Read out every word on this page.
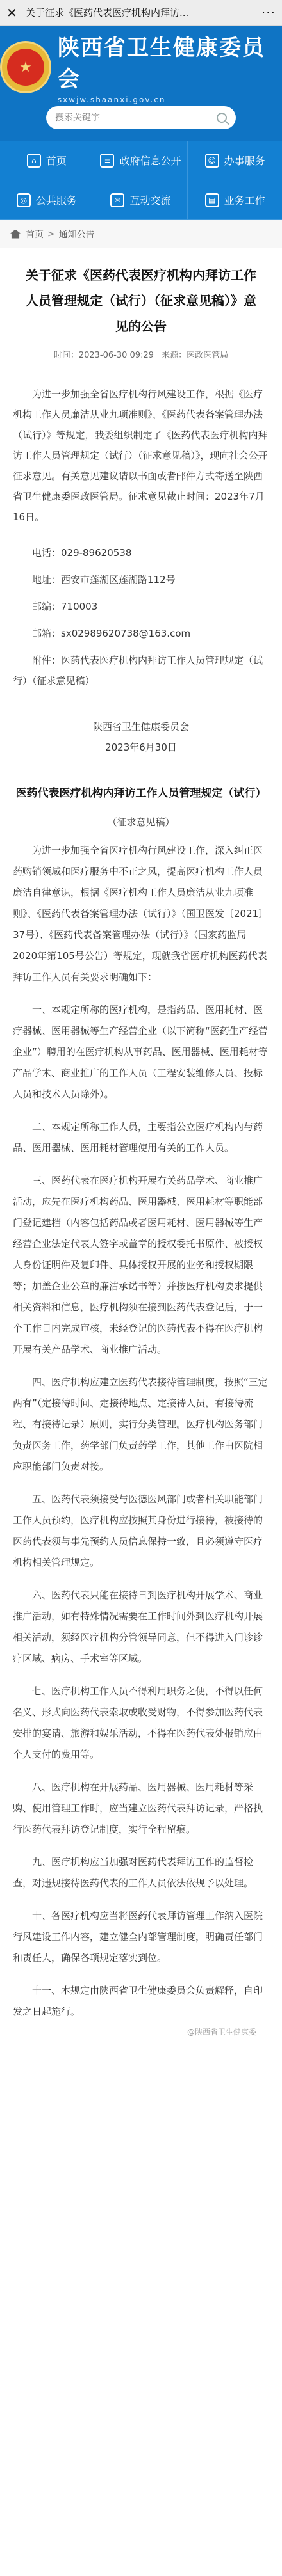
✕ 关于征求《医药代表医疗机构内拜访...	···
★
陕西省卫生健康委员会
sxwjw.shaanxi.gov.cn
搜索关键字
⌂ 首页	≡ 政府信息公开	☺ 办事服务
◎ 公共服务	✉ 互动交流	▤ 业务工作
首页 > 通知公告
关于征求《医药代表医疗机构内拜访工作人员管理规定（试行）（征求意见稿）》意见的公告
时间：2023-06-30 09:29 来源：医政医管局

为进一步加强全省医疗机构行风建设工作，根据《医疗机构工作人员廉洁从业九项准则》、《医药代表备案管理办法（试行）》等规定，我委组织制定了《医药代表医疗机构内拜访工作人员管理规定（试行）（征求意见稿）》，现向社会公开征求意见。有关意见建议请以书面或者邮件方式寄送至陕西省卫生健康委医政医管局。征求意见截止时间：2023年7月16日。

电话：029-89620538

地址：西安市莲湖区莲湖路112号

邮编：710003

邮箱：sx02989620738@163.com

附件：医药代表医疗机构内拜访工作人员管理规定（试行）（征求意见稿）

陕西省卫生健康委员会

2023年6月30日

医药代表医疗机构内拜访工作人员管理规定（试行）

（征求意见稿）

为进一步加强全省医疗机构行风建设工作，深入纠正医药购销领域和医疗服务中不正之风，提高医疗机构工作人员廉洁自律意识，根据《医疗机构工作人员廉洁从业九项准则》、《医药代表备案管理办法（试行）》（国卫医发〔2021〕37号）、《医药代表备案管理办法（试行）》（国家药监局2020年第105号公告）等规定，现就我省医疗机构医药代表拜访工作人员有关要求明确如下：

一、本规定所称的医疗机构，是指药品、医用耗材、医疗器械、医用器械等生产经营企业（以下简称“医药生产经营企业”）聘用的在医疗机构从事药品、医用器械、医用耗材等产品学术、商业推广的工作人员（工程安装维修人员、投标人员和技术人员除外）。

二、本规定所称工作人员，主要指公立医疗机构内与药品、医用器械、医用耗材管理使用有关的工作人员。

三、医药代表在医疗机构开展有关药品学术、商业推广活动，应先在医疗机构药品、医用器械、医用耗材等职能部门登记建档（内容包括药品或者医用耗材、医用器械等生产经营企业法定代表人签字或盖章的授权委托书原件、被授权人身份证明件及复印件、具体授权开展的业务和授权期限等；加盖企业公章的廉洁承诺书等）并按医疗机构要求提供相关资料和信息，医疗机构须在接到医药代表登记后，于一个工作日内完成审核，未经登记的医药代表不得在医疗机构开展有关产品学术、商业推广活动。

四、医疗机构应建立医药代表接待管理制度，按照“三定两有”（定接待时间、定接待地点、定接待人员，有接待流程、有接待记录）原则，实行分类管理。医疗机构医务部门负责医务工作，药学部门负责药学工作，其他工作由医院相应职能部门负责对接。

五、医药代表须接受与医德医风部门或者相关职能部门工作人员预约，医疗机构应按照其身份进行接待，被接待的医药代表须与事先预约人员信息保持一致，且必须遵守医疗机构相关管理规定。

六、医药代表只能在接待日到医疗机构开展学术、商业推广活动，如有特殊情况需要在工作时间外到医疗机构开展相关活动，须经医疗机构分管领导同意，但不得进入门诊诊疗区域、病房、手术室等区域。

七、医疗机构工作人员不得利用职务之便，不得以任何名义、形式向医药代表索取或收受财物，不得参加医药代表安排的宴请、旅游和娱乐活动，不得在医药代表处报销应由个人支付的费用等。

八、医疗机构在开展药品、医用器械、医用耗材等采购、使用管理工作时，应当建立医药代表拜访记录，严格执行医药代表拜访登记制度，实行全程留痕。

九、医疗机构应当加强对医药代表拜访工作的监督检查，对违规接待医药代表的工作人员依法依规予以处理。

十、各医疗机构应当将医药代表拜访管理工作纳入医院行风建设工作内容，建立健全内部管理制度，明确责任部门和责任人，确保各项规定落实到位。

十一、本规定由陕西省卫生健康委员会负责解释，自印发之日起施行。

@陕西省卫生健康委
